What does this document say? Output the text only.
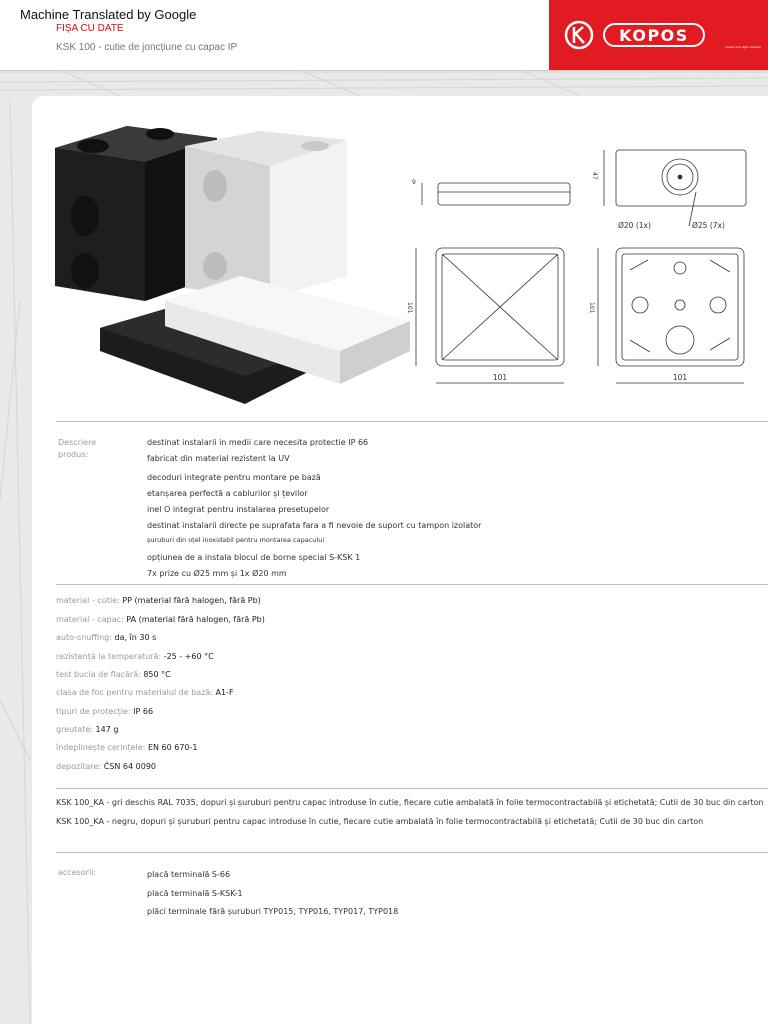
Machine Translated by Google
FIȘA CU DATE
KSK 100 - cutie de joncțiune cu capac IP
KOPOS
power and light solution
47
9
101	101
101	101
Ø20 (1x)	Ø25 (7x)
Descriere produs:
destinat instalarii in medii care necesita protectie IP 66
fabricat din material rezistent la UV
decoduri integrate pentru montare pe bază
etanșarea perfectă a cablurilor și țevilor
inel O integrat pentru instalarea presetupelor
destinat instalarii directe pe suprafata fara a fi nevoie de suport cu tampon izolator
șuruburi din oțel inoxidabil pentru montarea capacului
opțiunea de a instala blocul de borne special S-KSK 1
7x prize cu Ø25 mm și 1x Ø20 mm
material - cutie: PP (material fără halogen, fără Pb)
material - capac: PA (material fără halogen, fără Pb)
auto-snuffing: da, în 30 s
rezistență la temperatură: -25 - +60 °C
test bucla de flacără: 850 °C
clasa de foc pentru materialul de bază: A1-F
tipuri de protecție: IP 66
greutate: 147 g
îndeplinește cerințele: EN 60 670-1
depozitare: ČSN 64 0090
KSK 100_KA - gri deschis RAL 7035, dopuri și șuruburi pentru capac introduse în cutie, fiecare cutie ambalată în folie termocontractabilă și etichetată; Cutii de 30 buc din carton
KSK 100_KA - negru, dopuri și șuruburi pentru capac introduse în cutie, fiecare cutie ambalată în folie termocontractabilă și etichetată; Cutii de 30 buc din carton
accesorii:	placă terminală S-66
placă terminală S-KSK-1
plăci terminale fără șuruburi TYP015, TYP016, TYP017, TYP018
